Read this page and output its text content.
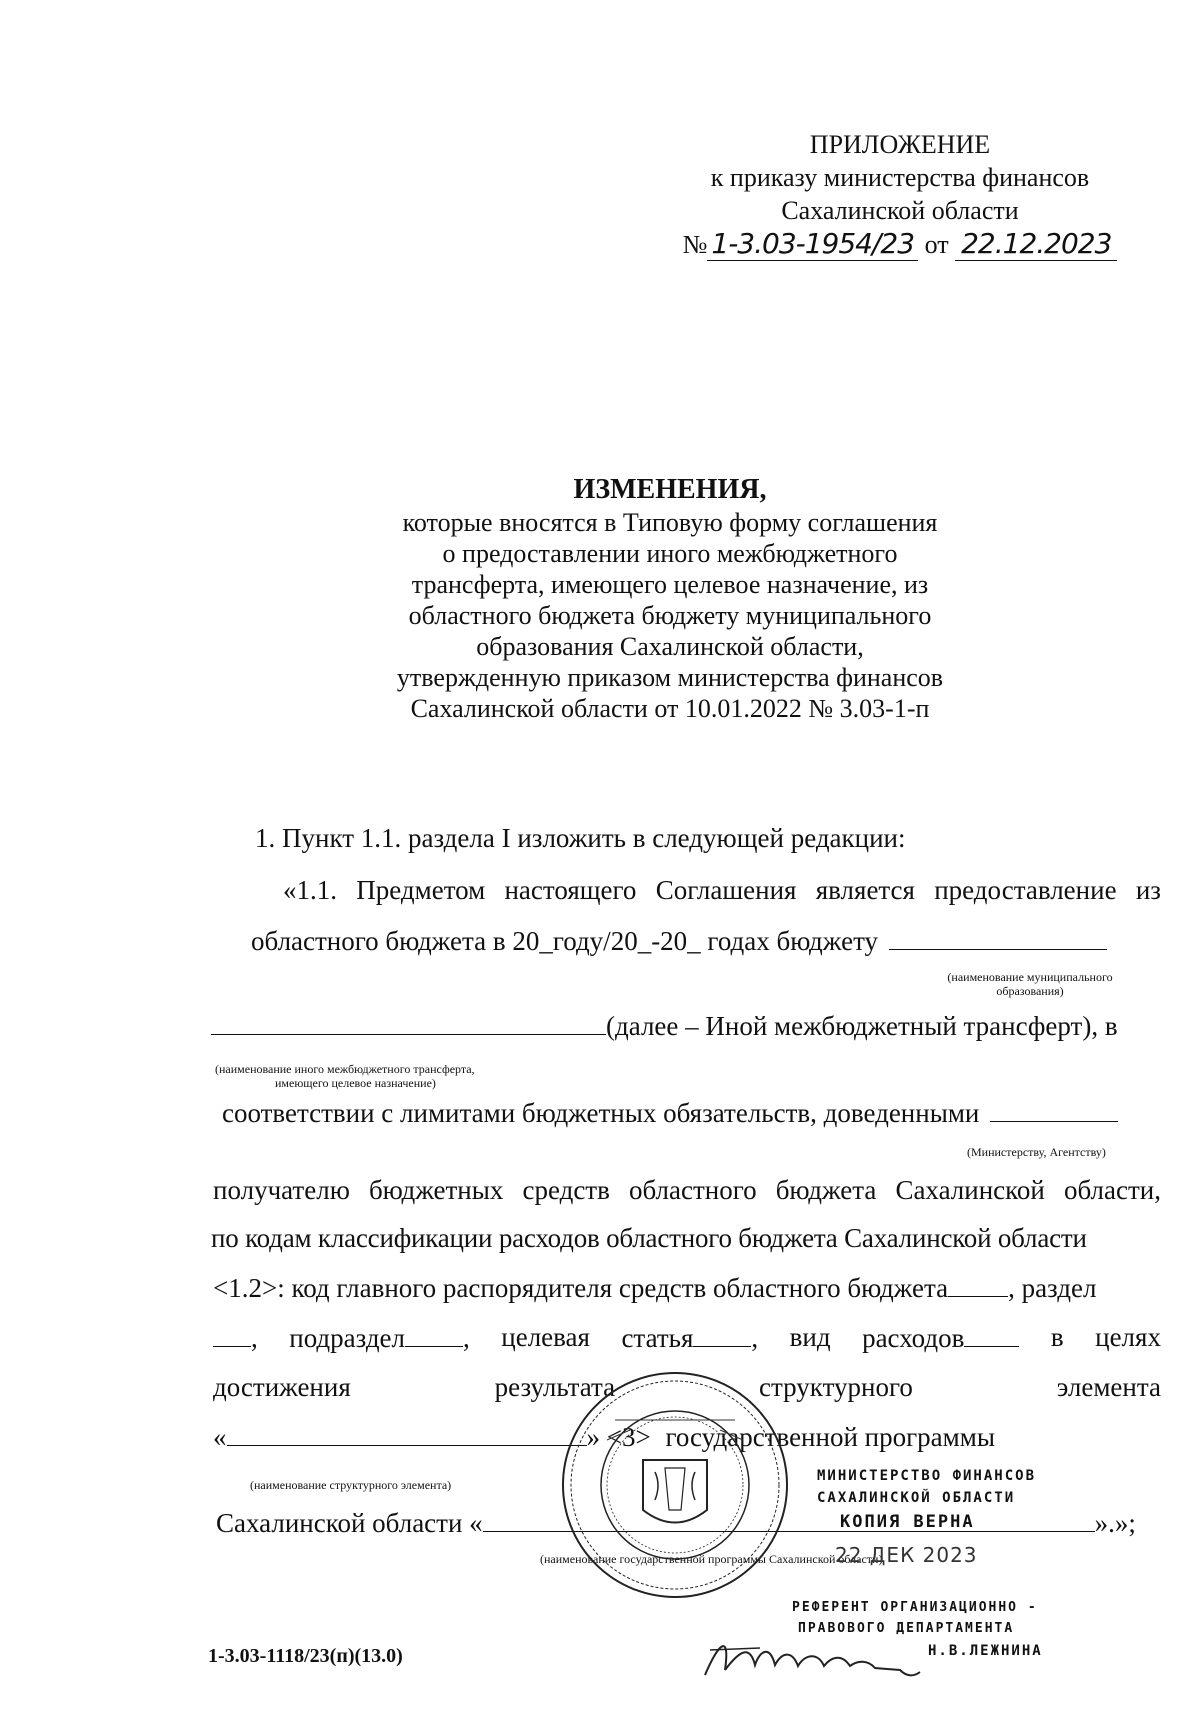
ПРИЛОЖЕНИЕ
к приказу министерства финансов
Сахалинской области
№ 1-3.03-1954/23 от 22.12.2023
ИЗМЕНЕНИЯ,
которые вносятся в Типовую форму соглашения
о предоставлении иного межбюджетного
трансферта, имеющего целевое назначение, из
областного бюджета бюджету муниципального
образования Сахалинской области,
утвержденную приказом министерства финансов
Сахалинской области от 10.01.2022 № 3.03-1-п
1. Пункт 1.1. раздела I изложить в следующей редакции:
«1.1. Предметом настоящего Соглашения является предоставление из
областного бюджета в 20_году/20_-20_ годах бюджету
(наименование муниципального
образования)
(далее – Иной межбюджетный трансферт), в
(наименование иного межбюджетного трансферта,
имеющего целевое назначение)
соответствии с лимитами бюджетных обязательств, доведенными
(Министерству, Агентству)
получателю бюджетных средств областного бюджета Сахалинской области,
по кодам классификации расходов областного бюджета Сахалинской области
<1.2>: код главного распорядителя средств областного бюджета , раздел
, подраздел , целевая статья , вид расходов	в целях
достижения	результата	структурного	элемента
«	» <3> государственной программы
(наименование структурного элемента)
Сахалинской области «	».»;
(наименование государственной программы Сахалинской области)
МИНИСТЕРСТВО ФИНАНСОВ
САХАЛИНСКОЙ ОБЛАСТИ
КОПИЯ ВЕРНА
22 ДЕК 2023
РЕФЕРЕНТ ОРГАНИЗАЦИОННО -
ПРАВОВОГО ДЕПАРТАМЕНТА
Н.В.ЛЕЖНИНА
1-3.03-1118/23(п)(13.0)
